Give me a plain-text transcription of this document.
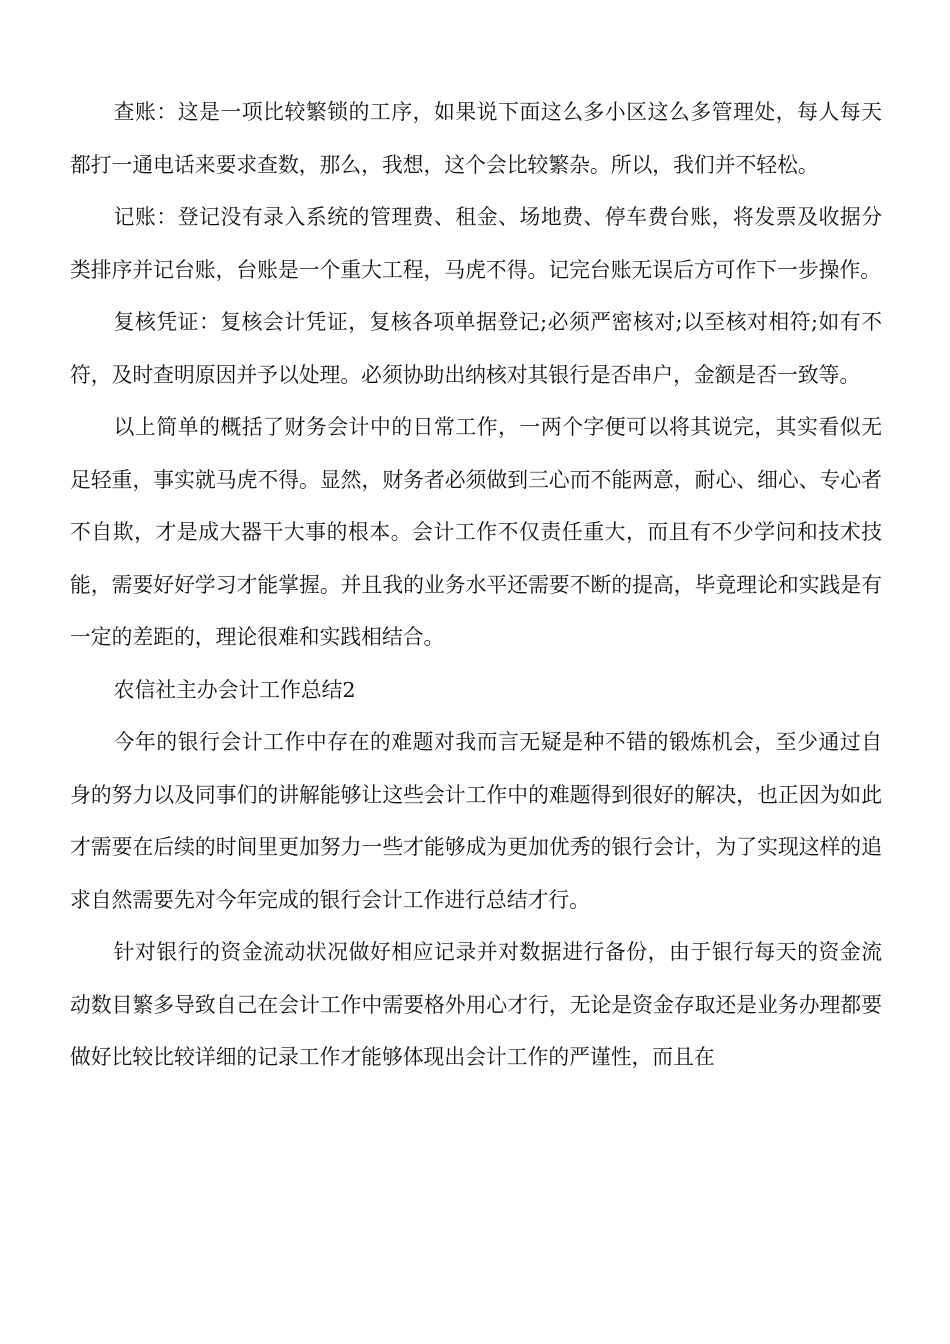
查账：这是一项比较繁锁的工序，如果说下面这么多小区这么多管理处，每人每天都打一通电话来要求查数，那么，我想，这个会比较繁杂。所以，我们并不轻松。

记账：登记没有录入系统的管理费、租金、场地费、停车费台账，将发票及收据分类排序并记台账，台账是一个重大工程，马虎不得。记完台账无误后方可作下一步操作。

复核凭证：复核会计凭证，复核各项单据登记;必须严密核对;以至核对相符;如有不符，及时查明原因并予以处理。必须协助出纳核对其银行是否串户，金额是否一致等。

以上简单的概括了财务会计中的日常工作，一两个字便可以将其说完，其实看似无足轻重，事实就马虎不得。显然，财务者必须做到三心而不能两意，耐心、细心、专心者不自欺，才是成大器干大事的根本。会计工作不仅责任重大，而且有不少学问和技术技能，需要好好学习才能掌握。并且我的业务水平还需要不断的提高，毕竟理论和实践是有一定的差距的，理论很难和实践相结合。

农信社主办会计工作总结2

今年的银行会计工作中存在的难题对我而言无疑是种不错的锻炼机会，至少通过自身的努力以及同事们的讲解能够让这些会计工作中的难题得到很好的解决，也正因为如此才需要在后续的时间里更加努力一些才能够成为更加优秀的银行会计，为了实现这样的追求自然需要先对今年完成的银行会计工作进行总结才行。

针对银行的资金流动状况做好相应记录并对数据进行备份，由于银行每天的资金流动数目繁多导致自己在会计工作中需要格外用心才行，无论是资金存取还是业务办理都要做好比较比较详细的记录工作才能够体现出会计工作的严谨性，而且在
